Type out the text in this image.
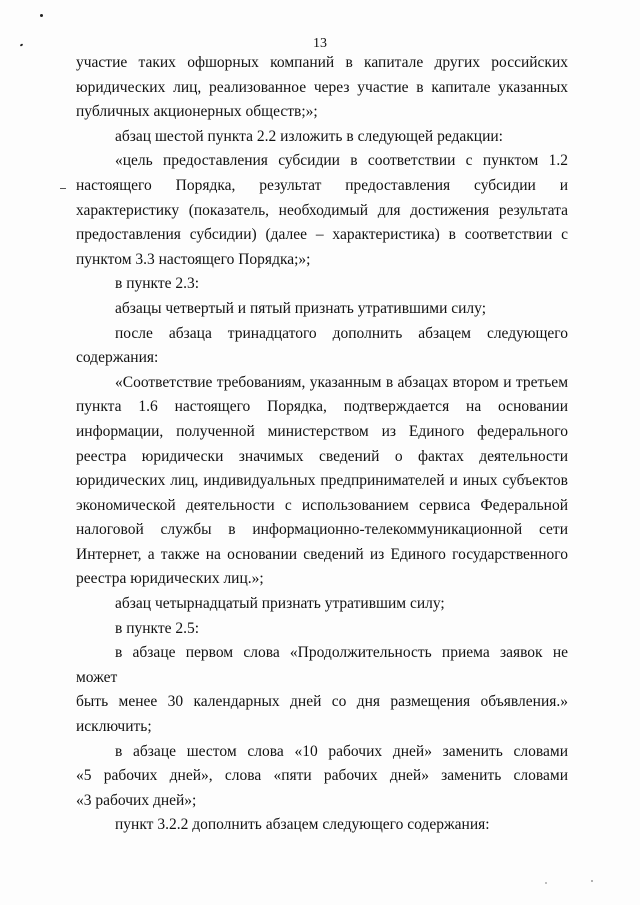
13
участие таких офшорных компаний в капитале других российских
юридических лиц, реализованное через участие в капитале указанных
публичных акционерных обществ;»;
абзац шестой пункта 2.2 изложить в следующей редакции:
«цель предоставления субсидии в соответствии с пунктом 1.2
настоящего Порядка, результат предоставления субсидии и
характеристику (показатель, необходимый для достижения результата
предоставления субсидии) (далее – характеристика) в соответствии с
пунктом 3.3 настоящего Порядка;»;
в пункте 2.3:
абзацы четвертый и пятый признать утратившими силу;
после абзаца тринадцатого дополнить абзацем следующего
содержания:
«Соответствие требованиям, указанным в абзацах втором и третьем
пункта 1.6 настоящего Порядка, подтверждается на основании
информации, полученной министерством из Единого федерального
реестра юридически значимых сведений о фактах деятельности
юридических лиц, индивидуальных предпринимателей и иных субъектов
экономической деятельности с использованием сервиса Федеральной
налоговой службы в информационно-телекоммуникационной сети
Интернет, а также на основании сведений из Единого государственного
реестра юридических лиц.»;
абзац четырнадцатый признать утратившим силу;
в пункте 2.5:
в абзаце первом слова «Продолжительность приема заявок не может
быть менее 30 календарных дней со дня размещения объявления.»
исключить;
в абзаце шестом слова «10 рабочих дней» заменить словами
«5 рабочих дней», слова «пяти рабочих дней» заменить словами
«3 рабочих дней»;
пункт 3.2.2 дополнить абзацем следующего содержания:
